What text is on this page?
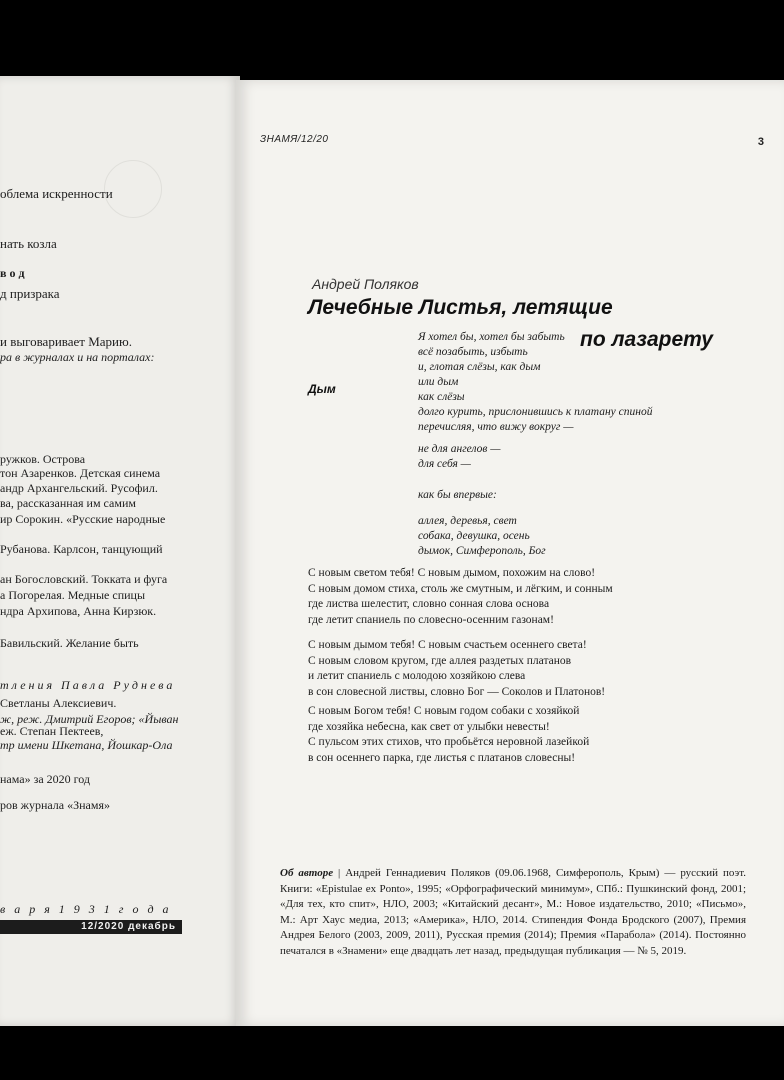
облема искренности
нать козла
в о д
д призрака
и выговаривает Марию.
ра в журналах и на порталах:
ружков. Острова
тон Азаренков. Детская синема
андр Архангельский. Русофил.
ва, рассказанная им самим
ир Сорокин. «Русские народные
Рубанова. Карлсон, танцующий
ан Богословский. Токката и фуга
а Погорелая. Медные спицы
ндра Архипова, Анна Кирзюк.
Бавильский. Желание быть
тления Павла Руднева
Светланы Алексиевич.
ж, реж. Дмитрий Егоров; «Йыван
еж. Степан Пектеев,
тр имени Шкетана, Йошкар-Ола
нама» за 2020 год
ров журнала «Знамя»
в а р я 1 9 3 1 г о д а
12/2020 декабрь
ЗНАМЯ/12/20	3
Андрей Поляков
Лечебные Листья, летящие
по лазарету
Дым
Я хотел бы, хотел бы забыть
всё позабыть, избыть
и, глотая слёзы, как дым
или дым
как слёзы
долго курить, прислонившись к платану спиной
перечисляя, что вижу вокруг —
не для ангелов —
для себя —
как бы впервые:
аллея, деревья, свет
собака, девушка, осень
дымок, Симферополь, Бог
С новым светом тебя! С новым дымом, похожим на слово!
С новым домом стиха, столь же смутным, и лёгким, и сонным
где листва шелестит, словно сонная слова основа
где летит спаниель по словесно-осенним газонам!
С новым дымом тебя! С новым счастьем осеннего света!
С новым словом кругом, где аллея раздетых платанов
и летит спаниель с молодою хозяйкою слева
в сон словесной листвы, словно Бог — Соколов и Платонов!
С новым Богом тебя! С новым годом собаки с хозяйкой
где хозяйка небесна, как свет от улыбки невесты!
С пульсом этих стихов, что пробьётся неровной лазейкой
в сон осеннего парка, где листья с платанов словесны!
Об авторе | Андрей Геннадиевич Поляков (09.06.1968, Симферополь, Крым) — русский поэт. Книги: «Epistulae ex Ponto», 1995; «Орфографический минимум», СПб.: Пушкинский фонд, 2001; «Для тех, кто спит», НЛО, 2003; «Китайский десант», М.: Новое издательство, 2010; «Письмо», М.: Арт Хаус медиа, 2013; «Америка», НЛО, 2014. Стипендия Фонда Бродского (2007), Премия Андрея Белого (2003, 2009, 2011), Русская премия (2014); Премия «Парабола» (2014). Постоянно печатался в «Знамени» еще двадцать лет назад, предыдущая публикация — № 5, 2019.
